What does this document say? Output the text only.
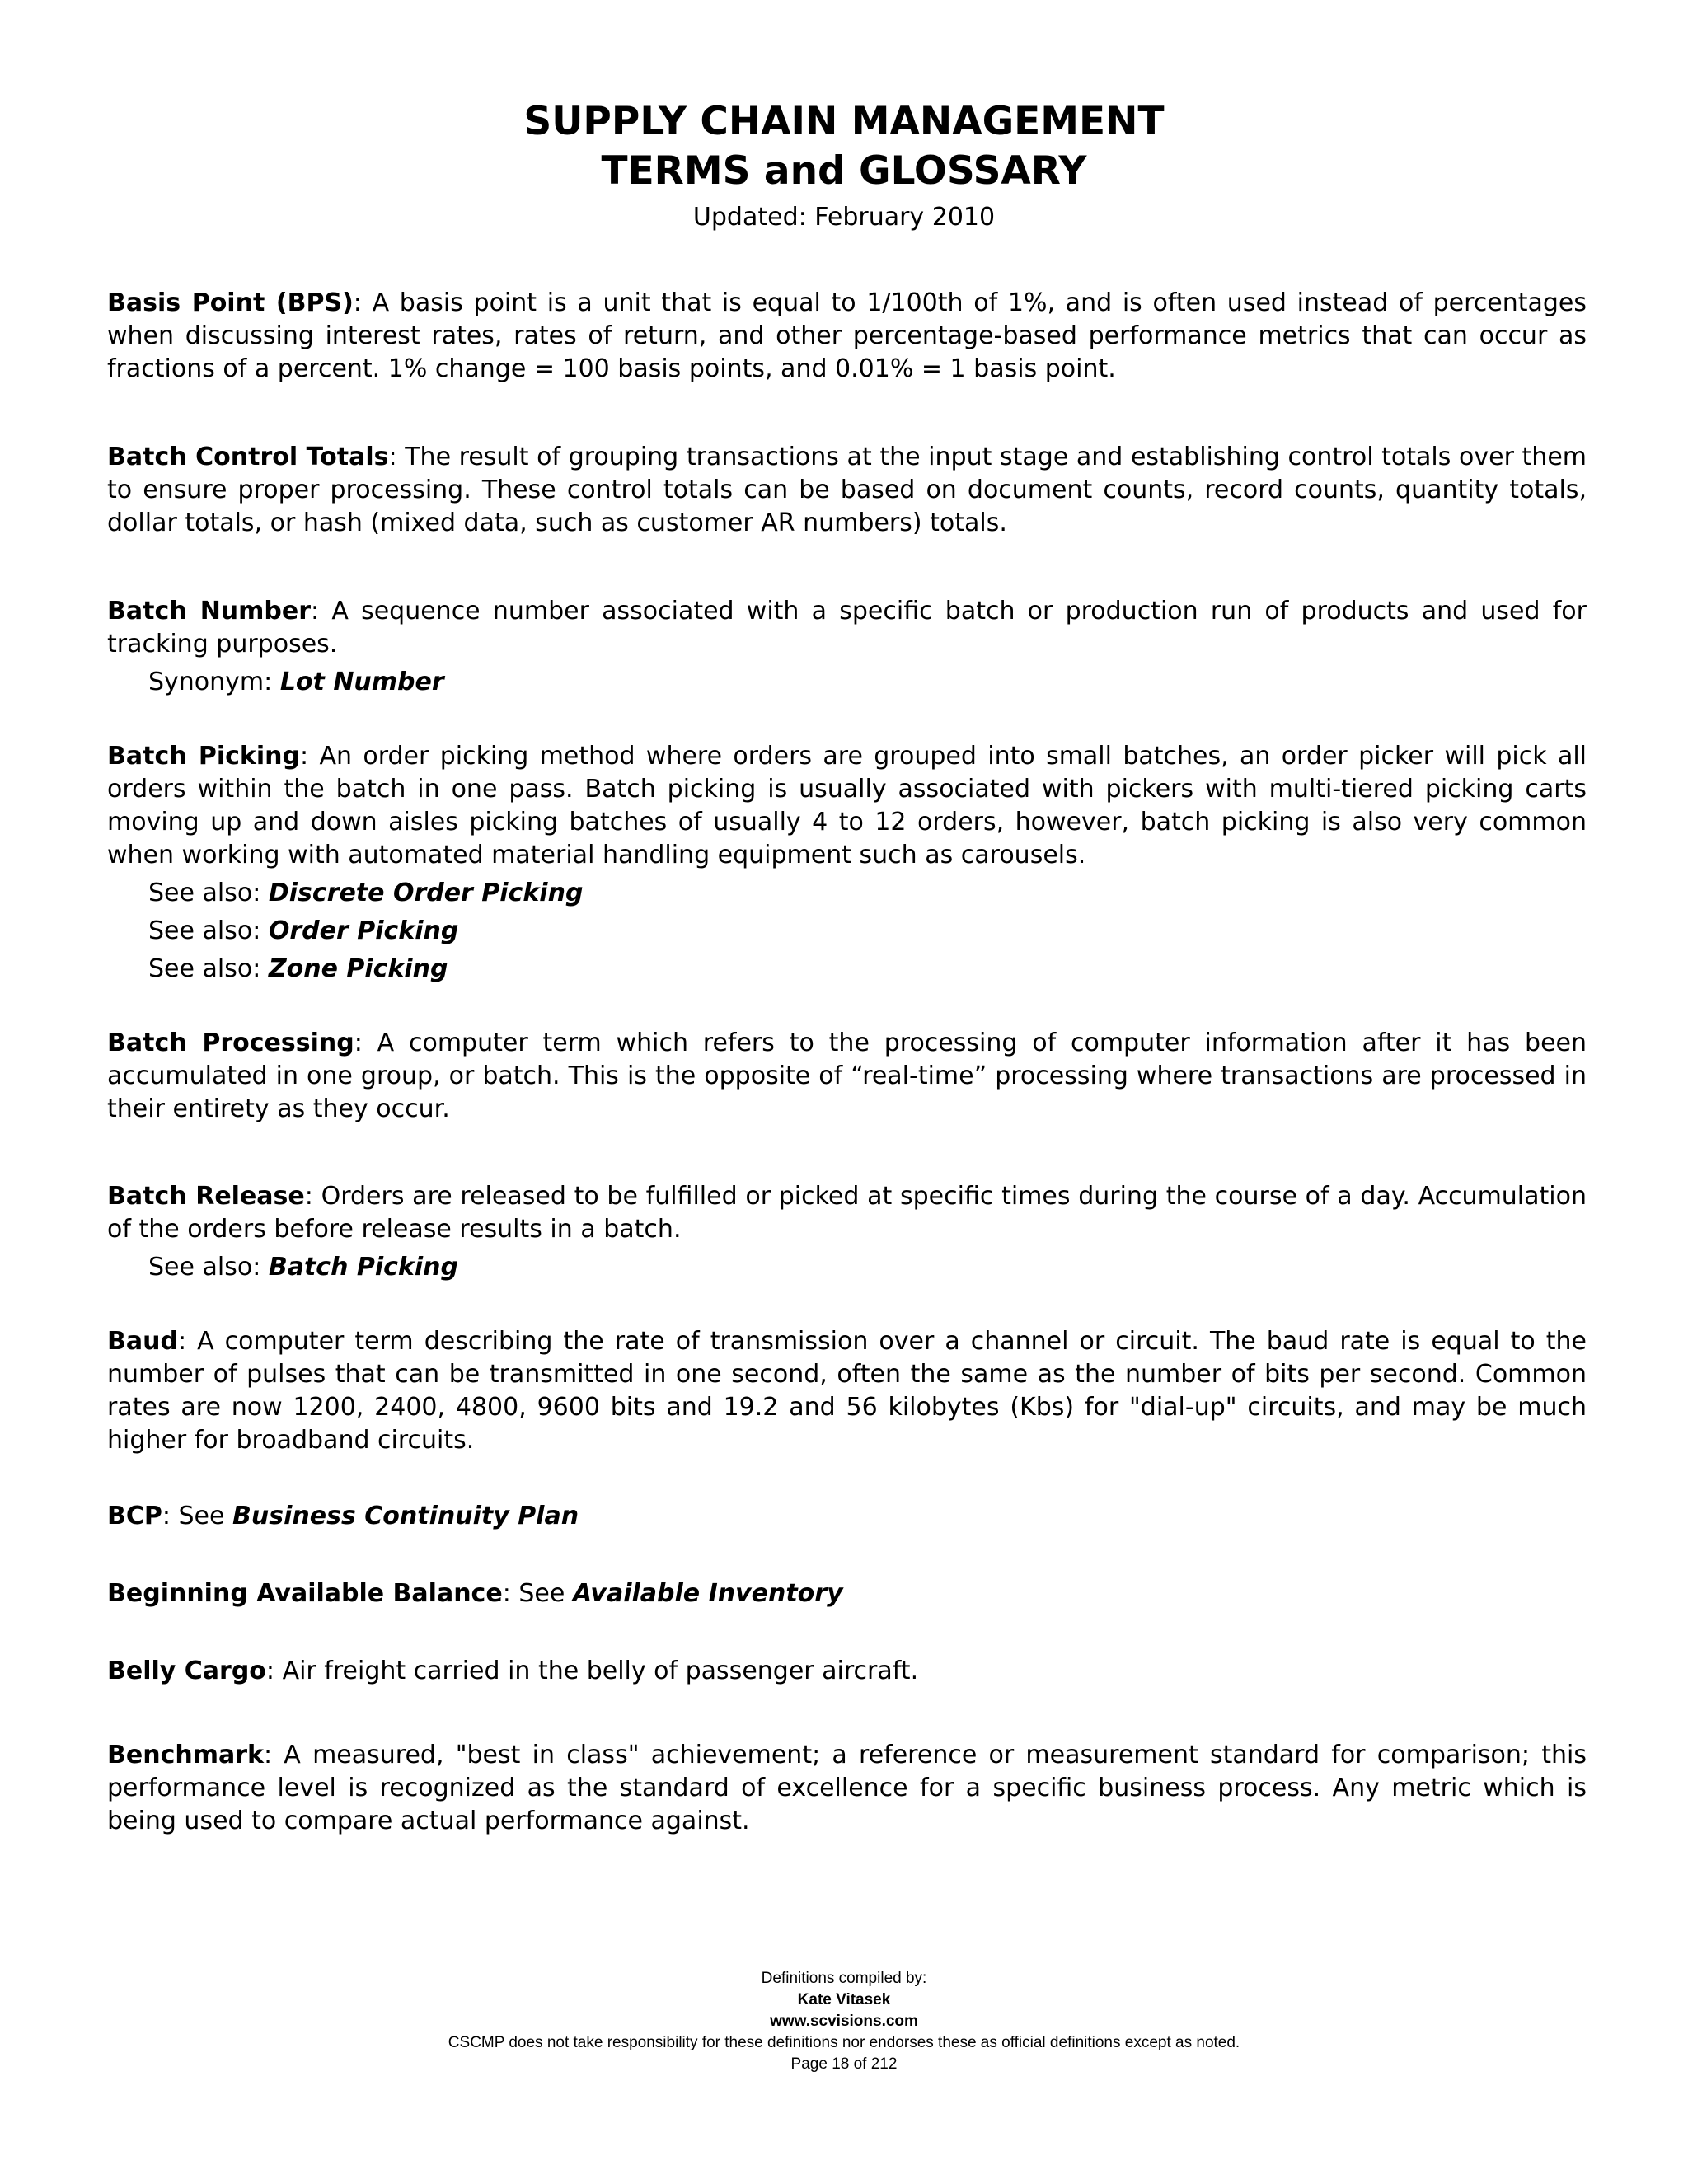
SUPPLY CHAIN MANAGEMENT
TERMS and GLOSSARY
Updated: February 2010

Basis Point (BPS): A basis point is a unit that is equal to 1/100th of 1%, and is often used instead of percentages when discussing interest rates, rates of return, and other percentage-based performance metrics that can occur as fractions of a percent. 1% change = 100 basis points, and 0.01% = 1 basis point.

Batch Control Totals: The result of grouping transactions at the input stage and establishing control totals over them to ensure proper processing. These control totals can be based on document counts, record counts, quantity totals, dollar totals, or hash (mixed data, such as customer AR numbers) totals.

Batch Number: A sequence number associated with a specific batch or production run of products and used for tracking purposes.

Synonym: Lot Number

Batch Picking: An order picking method where orders are grouped into small batches, an order picker will pick all orders within the batch in one pass. Batch picking is usually associated with pickers with multi-tiered picking carts moving up and down aisles picking batches of usually 4 to 12 orders, however, batch picking is also very common when working with automated material handling equipment such as carousels.

See also: Discrete Order Picking
See also: Order Picking
See also: Zone Picking

Batch Processing: A computer term which refers to the processing of computer information after it has been accumulated in one group, or batch. This is the opposite of “real-time” processing where transactions are processed in their entirety as they occur.

Batch Release: Orders are released to be fulfilled or picked at specific times during the course of a day. Accumulation of the orders before release results in a batch.

See also: Batch Picking

Baud: A computer term describing the rate of transmission over a channel or circuit. The baud rate is equal to the number of pulses that can be transmitted in one second, often the same as the number of bits per second. Common rates are now 1200, 2400, 4800, 9600 bits and 19.2 and 56 kilobytes (Kbs) for "dial-up" circuits, and may be much higher for broadband circuits.

BCP: See Business Continuity Plan

Beginning Available Balance: See Available Inventory

Belly Cargo: Air freight carried in the belly of passenger aircraft.

Benchmark: A measured, "best in class" achievement; a reference or measurement standard for comparison; this performance level is recognized as the standard of excellence for a specific business process. Any metric which is being used to compare actual performance against.

Definitions compiled by:
Kate Vitasek
www.scvisions.com
CSCMP does not take responsibility for these definitions nor endorses these as official definitions except as noted.
Page 18 of 212
